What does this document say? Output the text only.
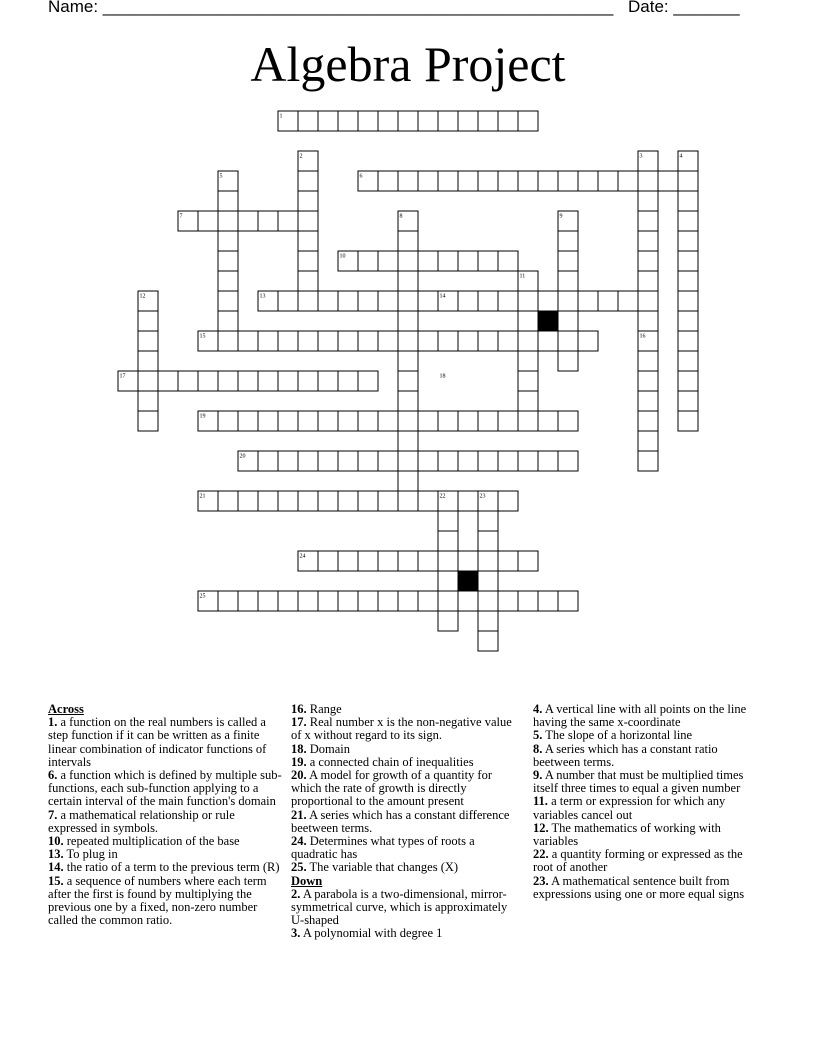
Name: ______________________________________________________ Date: _______
Algebra Project
1
6
7
10
13	14
15
17
19
20
21
24
25
2	3	4
5
8	9
11
12
22	23
16
18
Across
1. a function on the real numbers is called a step function if it can be written as a finite linear combination of indicator functions of intervals
6. a function which is defined by multiple sub-functions, each sub-function applying to a certain interval of the main function's domain
7. a mathematical relationship or rule expressed in symbols.
10. repeated multiplication of the base
13. To plug in
14. the ratio of a term to the previous term (R)
15. a sequence of numbers where each term after the first is found by multiplying the previous one by a fixed, non-zero number called the common ratio.
16. Range
17. Real number x is the non-negative value of x without regard to its sign.
18. Domain
19. a connected chain of inequalities
20. A model for growth of a quantity for which the rate of growth is directly proportional to the amount present
21. A series which has a constant difference beetween terms.
24. Determines what types of roots a quadratic has
25. The variable that changes (X)
Down
2. A parabola is a two-dimensional, mirror-symmetrical curve, which is approximately U-shaped
3. A polynomial with degree 1
4. A vertical line with all points on the line having the same x-coordinate
5. The slope of a horizontal line
8. A series which has a constant ratio beetween terms.
9. A number that must be multiplied times itself three times to equal a given number
11. a term or expression for which any variables cancel out
12. The mathematics of working with variables
22. a quantity forming or expressed as the root of another
23. A mathematical sentence built from expressions using one or more equal signs
